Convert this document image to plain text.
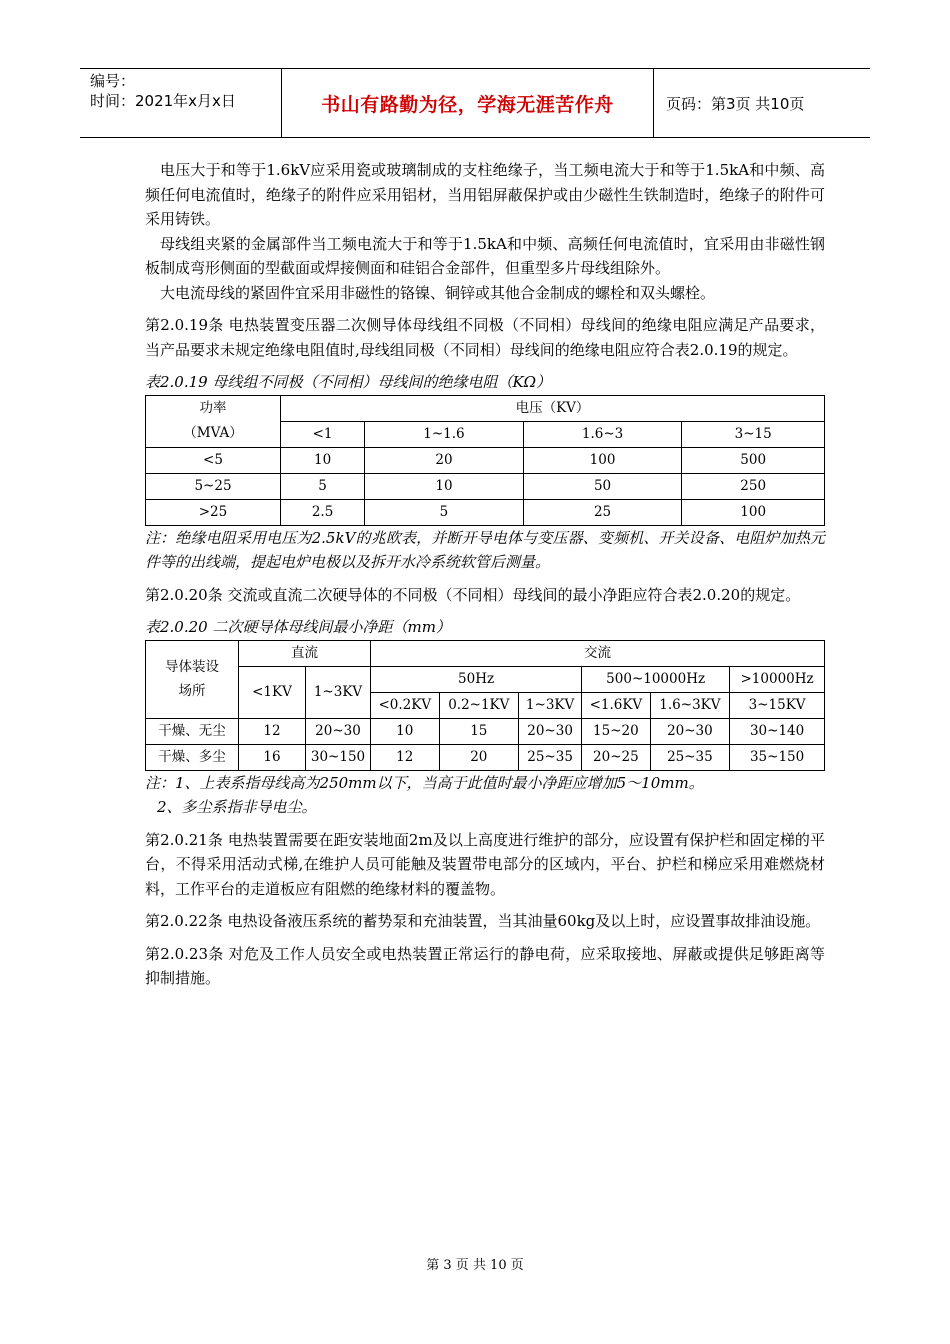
编号：
时间：2021年x月x日	书山有路勤为径，学海无涯苦作舟	页码：第3页 共10页

电压大于和等于1.6kV应采用瓷或玻璃制成的支柱绝缘子，当工频电流大于和等于1.5kA和中频、高频任何电流值时，绝缘子的附件应采用铝材，当用铝屏蔽保护或由少磁性生铁制造时，绝缘子的附件可采用铸铁。

母线组夹紧的金属部件当工频电流大于和等于1.5kA和中频、高频任何电流值时，宜采用由非磁性钢板制成弯形侧面的型截面或焊接侧面和硅铝合金部件，但重型多片母线组除外。

大电流母线的紧固件宜采用非磁性的铬镍、铜锌或其他合金制成的螺栓和双头螺栓。

第2.0.19条 电热装置变压器二次侧导体母线组不同极（不同相）母线间的绝缘电阻应满足产品要求，当产品要求未规定绝缘电阻值时,母线组同极（不同相）母线间的绝缘电阻应符合表2.0.19的规定。

表2.0.19 母线组不同极（不同相）母线间的绝缘电阻（KΩ）

功率	电压（KV）			
（MVA）	<1	1~1.6	1.6~3	3~15
<5	10	20	100	500
5~25	5	10	50	250
>25	2.5	5	25	100

注：绝缘电阻采用电压为2.5kV的兆欧表，并断开导电体与变压器、变频机、开关设备、电阻炉加热元件等的出线端，提起电炉电极以及拆开水冷系统软管后测量。

第2.0.20条 交流或直流二次硬导体的不同极（不同相）母线间的最小净距应符合表2.0.20的规定。

表2.0.20 二次硬导体母线间最小净距（mm）

导体装设场所	直流		交流					
	<1KV	1~3KV	50Hz			500~10000Hz		>10000Hz
			<0.2KV	0.2~1KV	1~3KV	<1.6KV	1.6~3KV	3~15KV
干燥、无尘	12	20~30	10	15	20~30	15~20	20~30	30~140
干燥、多尘	16	30~150	12	20	25~35	20~25	25~35	35~150

注：1、上表系指母线高为250mm以下，当高于此值时最小净距应增加5～10mm。

2、多尘系指非导电尘。

第2.0.21条 电热装置需要在距安装地面2m及以上高度进行维护的部分，应设置有保护栏和固定梯的平台，不得采用活动式梯,在维护人员可能触及装置带电部分的区域内，平台、护栏和梯应采用难燃烧材料，工作平台的走道板应有阻燃的绝缘材料的覆盖物。

第2.0.22条 电热设备液压系统的蓄势泵和充油装置，当其油量60kg及以上时，应设置事故排油设施。

第2.0.23条 对危及工作人员安全或电热装置正常运行的静电荷，应采取接地、屏蔽或提供足够距离等抑制措施。

第 3 页 共 10 页
